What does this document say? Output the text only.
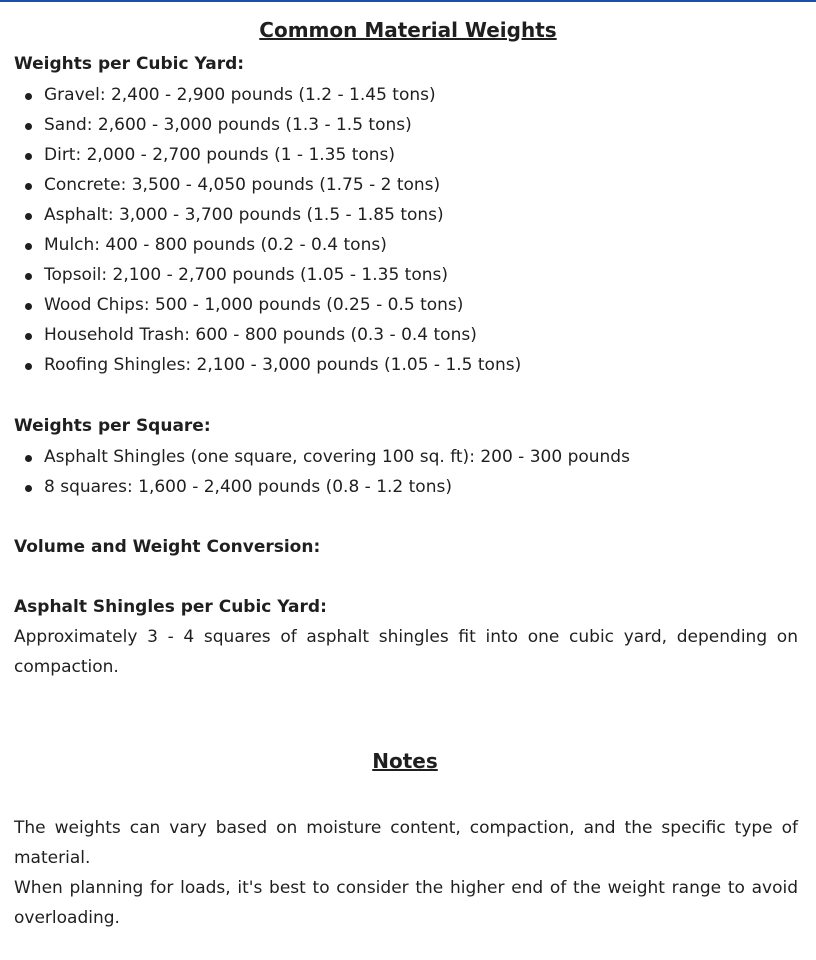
Common Material Weights
Weights per Cubic Yard:
Gravel: 2,400 - 2,900 pounds (1.2 - 1.45 tons)
Sand: 2,600 - 3,000 pounds (1.3 - 1.5 tons)
Dirt: 2,000 - 2,700 pounds (1 - 1.35 tons)
Concrete: 3,500 - 4,050 pounds (1.75 - 2 tons)
Asphalt: 3,000 - 3,700 pounds (1.5 - 1.85 tons)
Mulch: 400 - 800 pounds (0.2 - 0.4 tons)
Topsoil: 2,100 - 2,700 pounds (1.05 - 1.35 tons)
Wood Chips: 500 - 1,000 pounds (0.25 - 0.5 tons)
Household Trash: 600 - 800 pounds (0.3 - 0.4 tons)
Roofing Shingles: 2,100 - 3,000 pounds (1.05 - 1.5 tons)
Weights per Square:
Asphalt Shingles (one square, covering 100 sq. ft): 200 - 300 pounds
8 squares: 1,600 - 2,400 pounds (0.8 - 1.2 tons)
Volume and Weight Conversion:
Asphalt Shingles per Cubic Yard:

Approximately 3 - 4 squares of asphalt shingles fit into one cubic yard, depending on compaction.

Notes

The weights can vary based on moisture content, compaction, and the specific type of material.

When planning for loads, it's best to consider the higher end of the weight range to avoid overloading.
